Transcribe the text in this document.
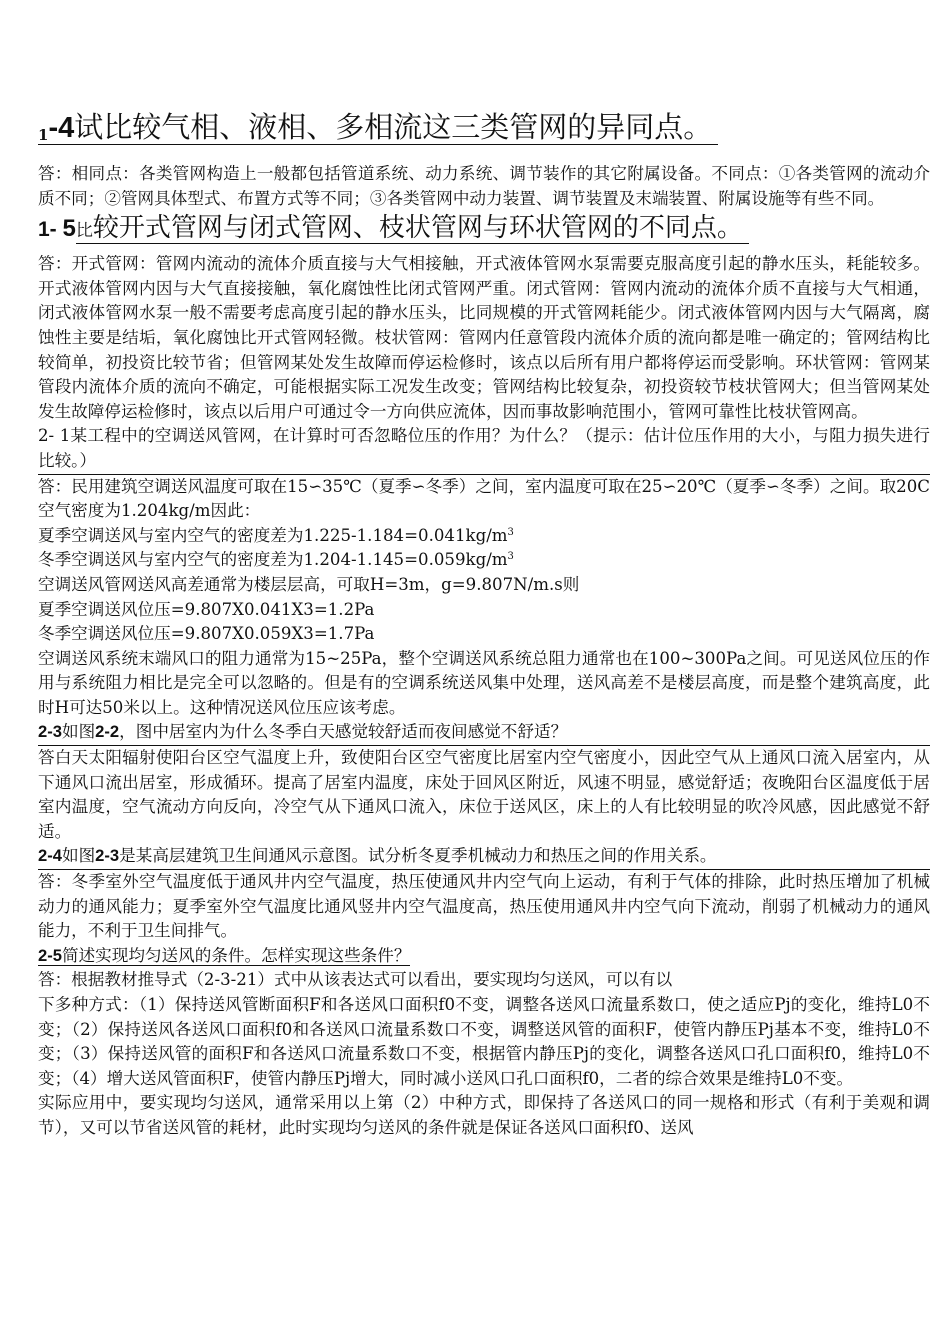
$_1$-4试比较气相、液相、多相流这三类管网的异同点。

答：相同点：各类管网构造上一般都包括管道系统、动力系统、调节装作的其它附属设备。不同点：①各类管网的流动介质不同；②管网具体型式、布置方式等不同；③各类管网中动力装置、调节装置及末端装置、附属设施等有些不同。

1- 5比较开式管网与闭式管网、枝状管网与环状管网的不同点。

答：开式管网：管网内流动的流体介质直接与大气相接触，开式液体管网水泵需要克服高度引起的静水压头，耗能较多。开式液体管网内因与大气直接接触，氧化腐蚀性比闭式管网严重。闭式管网：管网内流动的流体介质不直接与大气相通，闭式液体管网水泵一般不需要考虑高度引起的静水压头，比同规模的开式管网耗能少。闭式液体管网内因与大气隔离，腐蚀性主要是结垢，氧化腐蚀比开式管网轻微。枝状管网：管网内任意管段内流体介质的流向都是唯一确定的；管网结构比较简单，初投资比较节省；但管网某处发生故障而停运检修时，该点以后所有用户都将停运而受影响。环状管网：管网某管段内流体介质的流向不确定，可能根据实际工况发生改变；管网结构比较复杂，初投资较节枝状管网大；但当管网某处发生故障停运检修时，该点以后用户可通过令一方向供应流体，因而事故影响范围小，管网可靠性比枝状管网高。

2- 1某工程中的空调送风管网，在计算时可否忽略位压的作用？为什么？（提示：估计位压作用的大小，与阻力损失进行比较。）

答：民用建筑空调送风温度可取在15∽35℃（夏季∽冬季）之间，室内温度可取在25∽20℃（夏季∽冬季）之间。取20C空气密度为1.204kg/m因此：

夏季空调送风与室内空气的密度差为$1.225-1.184=0.041kg/m^3$

冬季空调送风与室内空气的密度差为$1.204-1.145=0.059kg/m^3$

空调送风管网送风高差通常为楼层层高，可取H=3m，g=9.807N/m.s则

夏季空调送风位压=9.807X0.041X3=1.2Pa

冬季空调送风位压=9.807X0.059X3=1.7Pa

空调送风系统末端风口的阻力通常为15~25Pa，整个空调送风系统总阻力通常也在100~300Pa之间。可见送风位压的作用与系统阻力相比是完全可以忽略的。但是有的空调系统送风集中处理，送风高差不是楼层高度，而是整个建筑高度，此时H可达50米以上。这种情况送风位压应该考虑。

2-3如图2-2，图中居室内为什么冬季白天感觉较舒适而夜间感觉不舒适？

答白天太阳辐射使阳台区空气温度上升，致使阳台区空气密度比居室内空气密度小，因此空气从上通风口流入居室内，从下通风口流出居室，形成循环。提高了居室内温度，床处于回风区附近，风速不明显，感觉舒适；夜晚阳台区温度低于居室内温度，空气流动方向反向，冷空气从下通风口流入，床位于送风区，床上的人有比较明显的吹冷风感，因此感觉不舒适。

2-4如图2-3是某高层建筑卫生间通风示意图。试分析冬夏季机械动力和热压之间的作用关系。

答：冬季室外空气温度低于通风井内空气温度，热压使通风井内空气向上运动，有利于气体的排除，此时热压增加了机械动力的通风能力；夏季室外空气温度比通风竖井内空气温度高，热压使用通风井内空气向下流动，削弱了机械动力的通风能力，不利于卫生间排气。

2-5简述实现均匀送风的条件。怎样实现这些条件？

答：根据教材推导式（2-3-21）式中从该表达式可以看出，要实现均匀送风，可以有以

下多种方式：（1）保持送风管断面积F和各送风口面积f0不变，调整各送风口流量系数口，使之适应Pj的变化，维持L0不变；（2）保持送风各送风口面积f0和各送风口流量系数口不变，调整送风管的面积F，使管内静压Pj基本不变，维持L0不变；（3）保持送风管的面积F和各送风口流量系数口不变，根据管内静压Pj的变化，调整各送风口孔口面积f0，维持L0不变；（4）增大送风管面积F，使管内静压Pj增大，同时减小送风口孔口面积f0，二者的综合效果是维持L0不变。

实际应用中，要实现均匀送风，通常采用以上第（2）中种方式，即保持了各送风口的同一规格和形式（有利于美观和调节），又可以节省送风管的耗材，此时实现均匀送风的条件就是保证各送风口面积f0、送风
